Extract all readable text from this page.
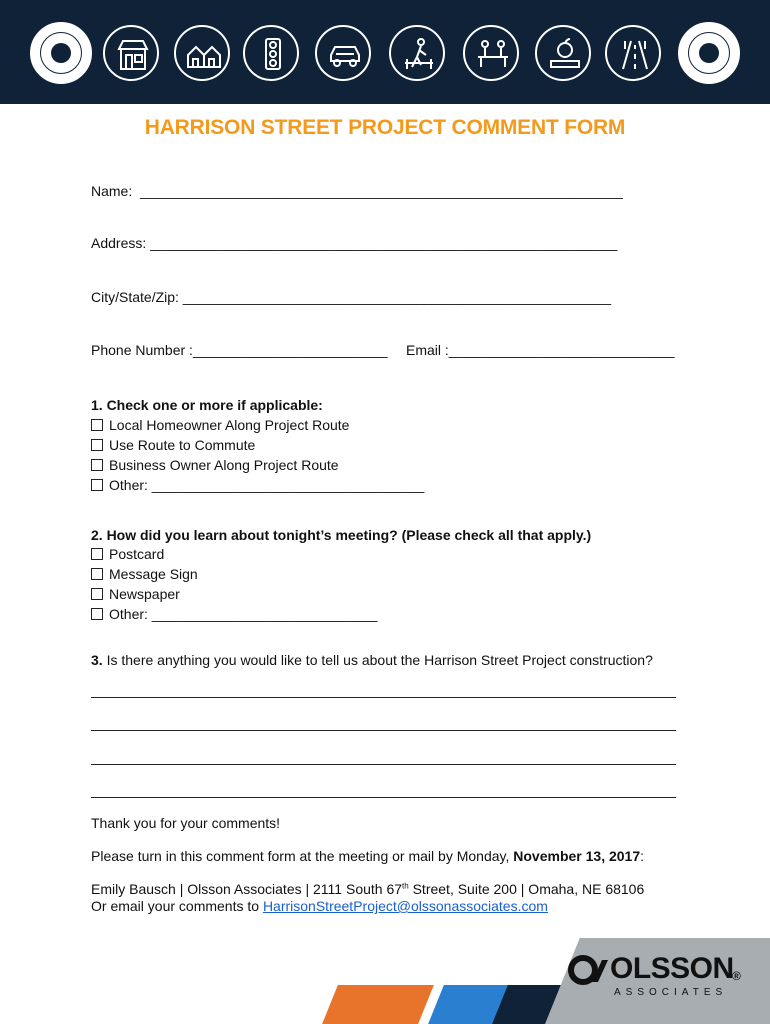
HARRISON STREET PROJECT COMMENT FORM
Name:  ______________________________________________________________
Address: ____________________________________________________________
City/State/Zip: _______________________________________________________
Phone Number :_________________________ Email :_____________________________
1. Check one or more if applicable:
Local Homeowner Along Project Route
Use Route to Commute
Business Owner Along Project Route
Other: ___________________________________
2. How did you learn about tonight’s meeting? (Please check all that apply.)
Postcard
Message Sign
Newspaper
Other: _____________________________
3. Is there anything you would like to tell us about the Harrison Street Project construction?
Thank you for your comments!
Please turn in this comment form at the meeting or mail by Monday, November 13, 2017:
Emily Bausch | Olsson Associates | 2111 South 67th Street, Suite 200 | Omaha, NE 68106
Or email your comments to HarrisonStreetProject@olssonassociates.com
OLSSON
®
ASSOCIATES
